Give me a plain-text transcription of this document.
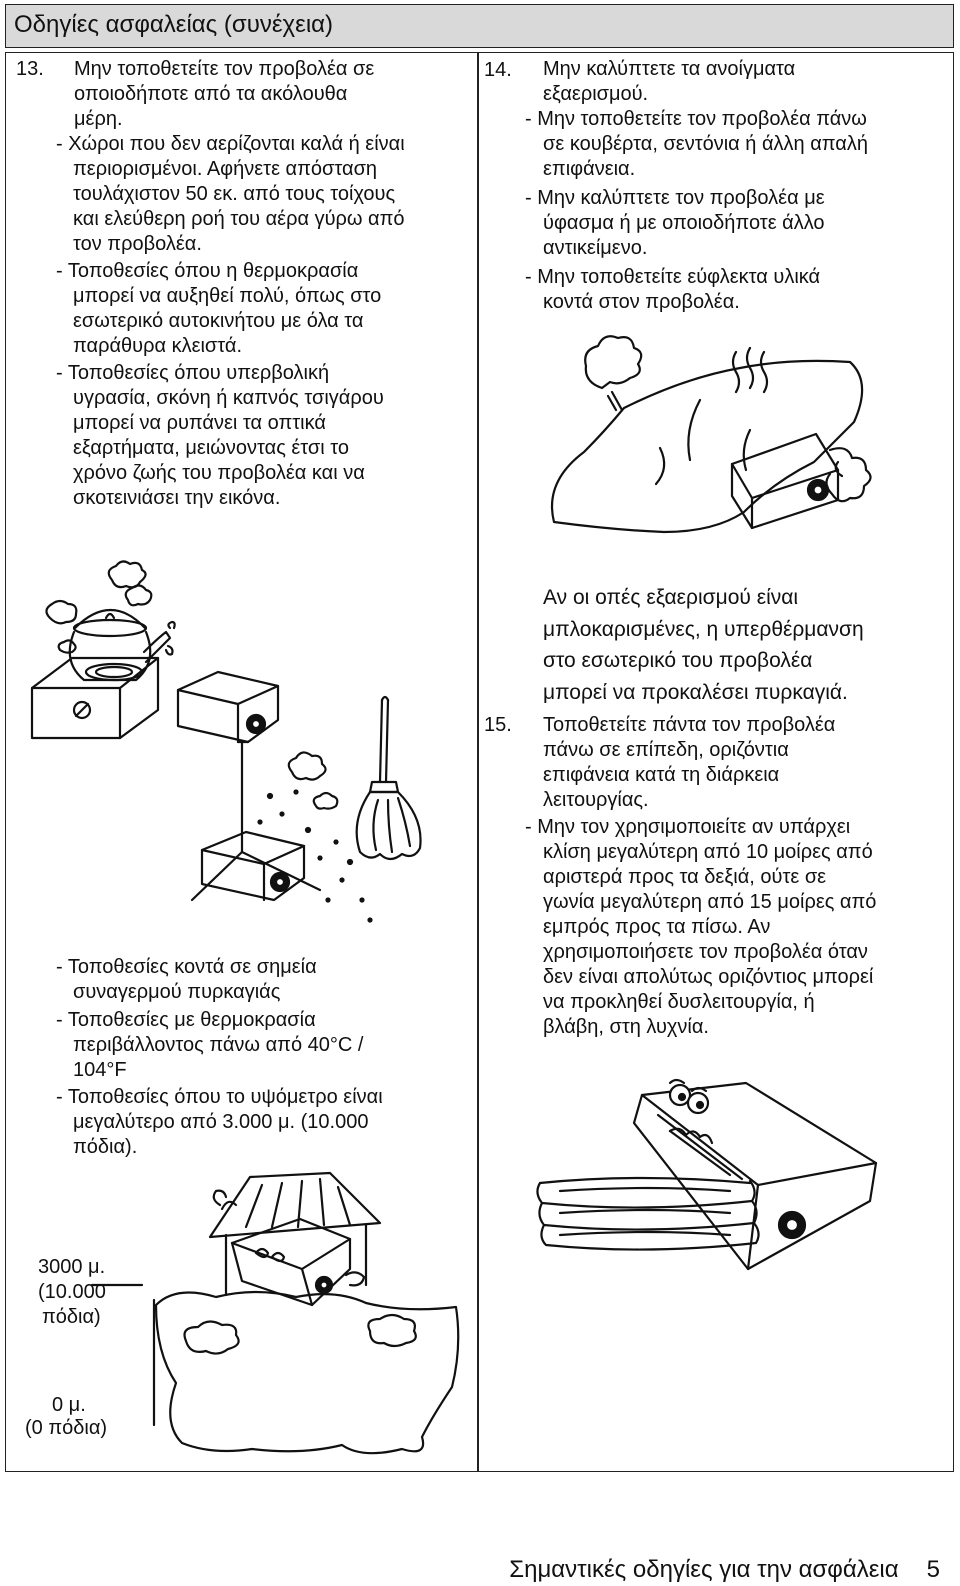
Οδηγίες ασφαλείας (συνέχεια)
13. Μην τοποθετείτε τον προβολέα σε
οποιοδήποτε από τα ακόλουθα
μέρη.
- Χώροι που δεν αερίζονται καλά ή είναι
περιορισμένοι. Αφήνετε απόσταση
τουλάχιστον 50 εκ. από τους τοίχους
και ελεύθερη ροή του αέρα γύρω από
τον προβολέα.
- Τοποθεσίες όπου η θερμοκρασία
μπορεί να αυξηθεί πολύ, όπως στο
εσωτερικό αυτοκινήτου με όλα τα
παράθυρα κλειστά.
- Τοποθεσίες όπου υπερβολική
υγρασία, σκόνη ή καπνός τσιγάρου
μπορεί να ρυπάνει τα οπτικά
εξαρτήματα, μειώνοντας έτσι το
χρόνο ζωής του προβολέα και να
σκοτεινιάσει την εικόνα.
- Τοποθεσίες κοντά σε σημεία
συναγερμού πυρκαγιάς
- Τοποθεσίες με θερμοκρασία
περιβάλλοντος πάνω από 40°C /
104°F
- Τοποθεσίες όπου το υψόμετρο είναι
μεγαλύτερο από 3.000 μ. (10.000
πόδια).
3000 μ.
(10.000
πόδια)
0 μ.
(0 πόδια)
14. Μην καλύπτετε τα ανοίγματα
εξαερισμού.
- Μην τοποθετείτε τον προβολέα πάνω
σε κουβέρτα, σεντόνια ή άλλη απαλή
επιφάνεια.
- Μην καλύπτετε τον προβολέα με
ύφασμα ή με οποιοδήποτε άλλο
αντικείμενο.
- Μην τοποθετείτε εύφλεκτα υλικά
κοντά στον προβολέα.
Αν οι οπές εξαερισμού είναι
μπλοκαρισμένες, η υπερθέρμανση
στο εσωτερικό του προβολέα
μπορεί να προκαλέσει πυρκαγιά.
15. Τοποθετείτε πάντα τον προβολέα
πάνω σε επίπεδη, οριζόντια
επιφάνεια κατά τη διάρκεια
λειτουργίας.
- Μην τον χρησιμοποιείτε αν υπάρχει
κλίση μεγαλύτερη από 10 μοίρες από
αριστερά προς τα δεξιά, ούτε σε
γωνία μεγαλύτερη από 15 μοίρες από
εμπρός προς τα πίσω. Αν
χρησιμοποιήσετε τον προβολέα όταν
δεν είναι απολύτως οριζόντιος μπορεί
να προκληθεί δυσλειτουργία, ή
βλάβη, στη λυχνία.
Σημαντικές οδηγίες για την ασφάλεια 5
